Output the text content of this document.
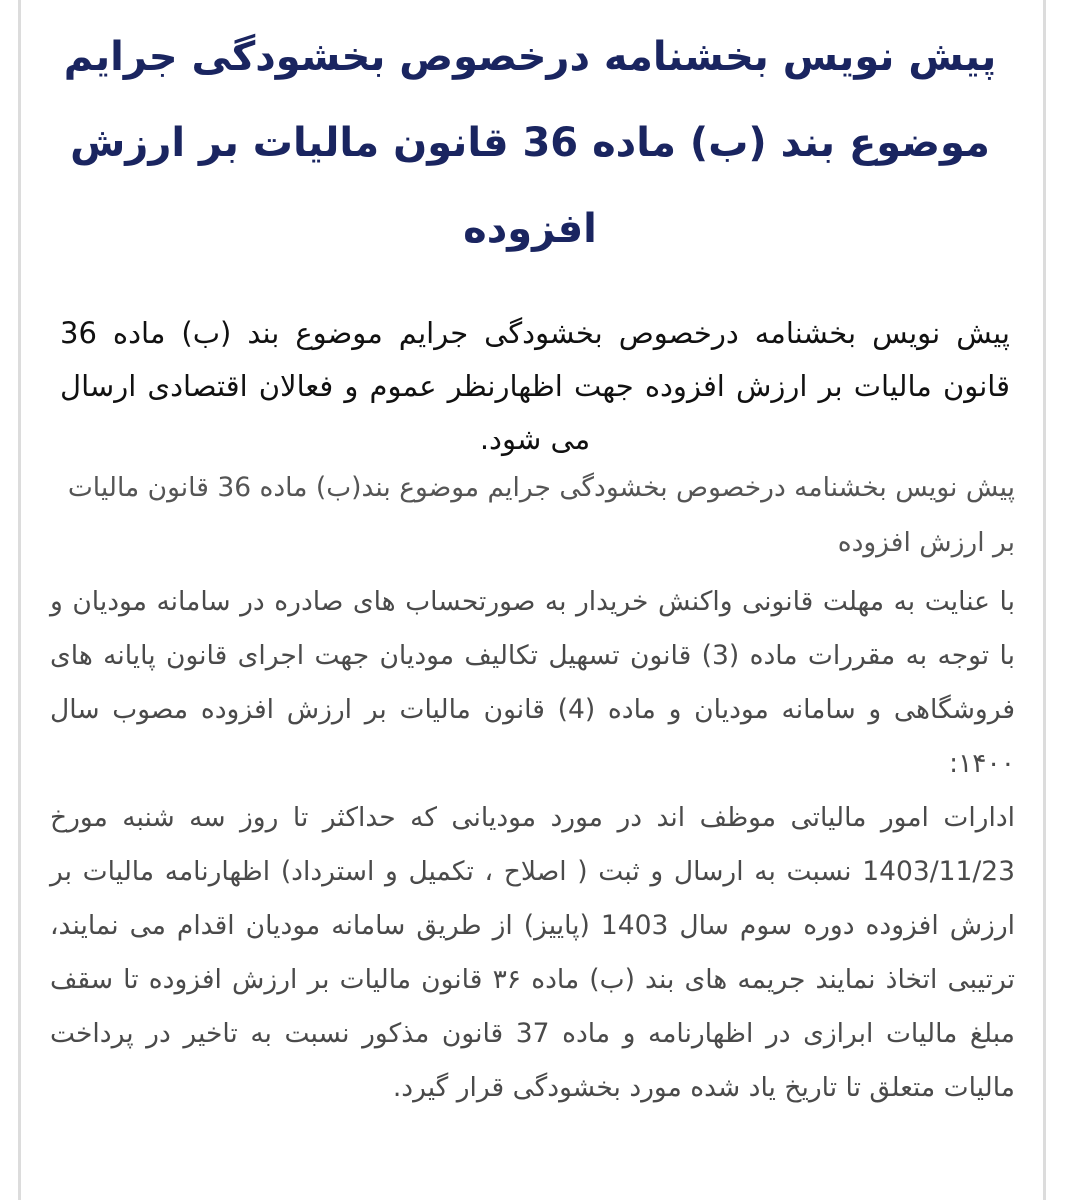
پیش نویس بخشنامه درخصوص بخشودگی جرایم موضوع بند (ب) ماده 36 قانون مالیات بر ارزش افزوده

پیش نویس بخشنامه درخصوص بخشودگی جرایم موضوع بند (ب) ماده 36 قانون مالیات بر ارزش افزوده جهت اظهارنظر عموم و فعالان اقتصادی ارسال می شود.

پیش نویس بخشنامه درخصوص بخشودگی جرایم موضوع بند(ب) ماده 36 قانون مالیات بر ارزش افزوده

با عنایت به مهلت قانونی واکنش خریدار به صورتحساب های صادره در سامانه مودیان و با توجه به مقررات ماده (3) قانون تسهیل تکالیف مودیان جهت اجرای قانون پایانه های فروشگاهی و سامانه مودیان و ماده (4) قانون مالیات بر ارزش افزوده مصوب سال ۱۴۰۰:

ادارات امور مالیاتی موظف اند در مورد مودیانی که حداکثر تا روز سه شنبه مورخ 1403/11/23 نسبت به ارسال و ثبت ( اصلاح ، تکمیل و استرداد) اظهارنامه مالیات بر ارزش افزوده دوره سوم سال 1403 (پاییز) از طریق سامانه مودیان اقدام می نمایند، ترتیبی اتخاذ نمایند جریمه های بند (ب) ماده ۳۶ قانون مالیات بر ارزش افزوده تا سقف مبلغ مالیات ابرازی در اظهارنامه و ماده 37 قانون مذکور نسبت به تاخیر در پرداخت مالیات متعلق تا تاریخ یاد شده مورد بخشودگی قرار گیرد.
